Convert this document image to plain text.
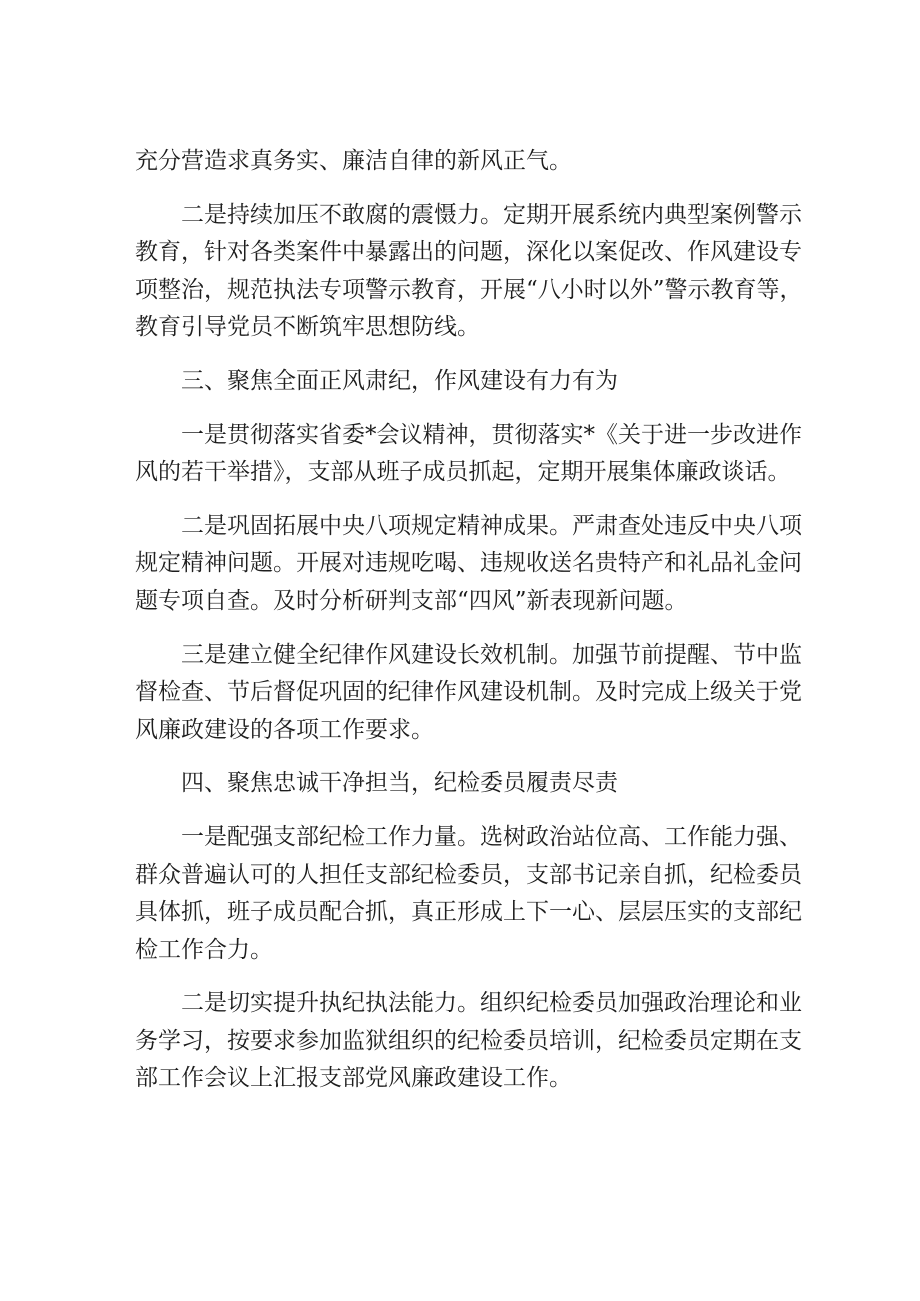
充分营造求真务实、廉洁自律的新风正气。
二是持续加压不敢腐的震慑力。定期开展系统内典型案例警示
教育，针对各类案件中暴露出的问题，深化以案促改、作风建设专
项整治，规范执法专项警示教育，开展“八小时以外”警示教育等，
教育引导党员不断筑牢思想防线。
三、聚焦全面正风肃纪，作风建设有力有为
一是贯彻落实省委*会议精神，贯彻落实*《关于进一步改进作
风的若干举措》，支部从班子成员抓起，定期开展集体廉政谈话。
二是巩固拓展中央八项规定精神成果。严肃查处违反中央八项
规定精神问题。开展对违规吃喝、违规收送名贵特产和礼品礼金问
题专项自查。及时分析研判支部“四风”新表现新问题。
三是建立健全纪律作风建设长效机制。加强节前提醒、节中监
督检查、节后督促巩固的纪律作风建设机制。及时完成上级关于党
风廉政建设的各项工作要求。
四、聚焦忠诚干净担当，纪检委员履责尽责
一是配强支部纪检工作力量。选树政治站位高、工作能力强、
群众普遍认可的人担任支部纪检委员，支部书记亲自抓，纪检委员
具体抓，班子成员配合抓，真正形成上下一心、层层压实的支部纪
检工作合力。
二是切实提升执纪执法能力。组织纪检委员加强政治理论和业
务学习，按要求参加监狱组织的纪检委员培训，纪检委员定期在支
部工作会议上汇报支部党风廉政建设工作。
